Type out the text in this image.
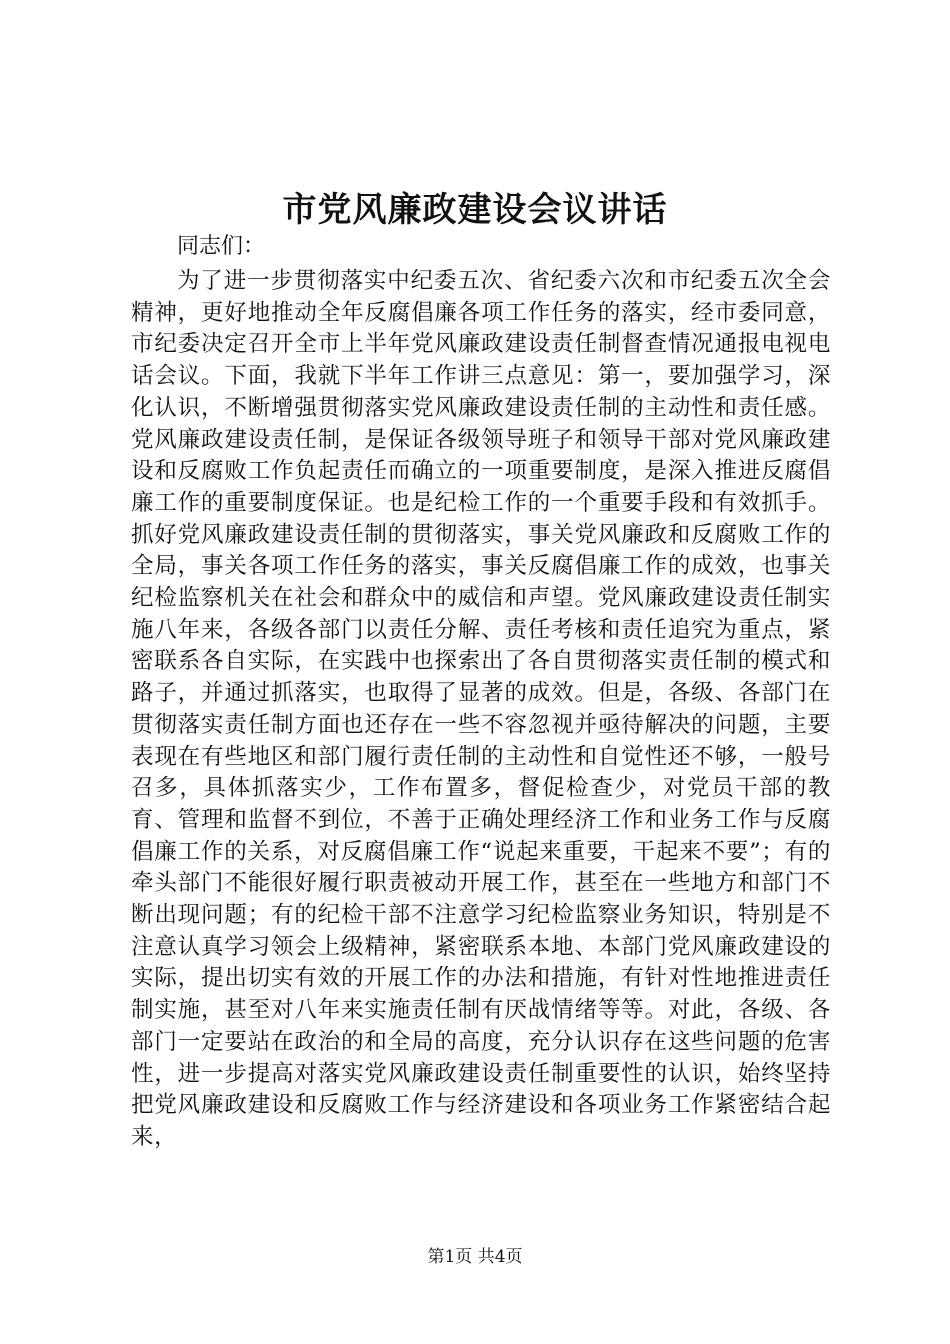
市党风廉政建设会议讲话

同志们：

为了进一步贯彻落实中纪委五次、省纪委六次和市纪委五次全会精神，更好地推动全年反腐倡廉各项工作任务的落实，经市委同意，市纪委决定召开全市上半年党风廉政建设责任制督查情况通报电视电话会议。下面，我就下半年工作讲三点意见：第一，要加强学习，深化认识，不断增强贯彻落实党风廉政建设责任制的主动性和责任感。党风廉政建设责任制，是保证各级领导班子和领导干部对党风廉政建设和反腐败工作负起责任而确立的一项重要制度，是深入推进反腐倡廉工作的重要制度保证。也是纪检工作的一个重要手段和有效抓手。抓好党风廉政建设责任制的贯彻落实，事关党风廉政和反腐败工作的全局，事关各项工作任务的落实，事关反腐倡廉工作的成效，也事关纪检监察机关在社会和群众中的威信和声望。党风廉政建设责任制实施八年来，各级各部门以责任分解、责任考核和责任追究为重点，紧密联系各自实际，在实践中也探索出了各自贯彻落实责任制的模式和路子，并通过抓落实，也取得了显著的成效。但是，各级、各部门在贯彻落实责任制方面也还存在一些不容忽视并亟待解决的问题，主要表现在有些地区和部门履行责任制的主动性和自觉性还不够，一般号召多，具体抓落实少，工作布置多，督促检查少，对党员干部的教育、管理和监督不到位，不善于正确处理经济工作和业务工作与反腐倡廉工作的关系，对反腐倡廉工作“说起来重要，干起来不要”；有的牵头部门不能很好履行职责被动开展工作，甚至在一些地方和部门不断出现问题；有的纪检干部不注意学习纪检监察业务知识，特别是不注意认真学习领会上级精神，紧密联系本地、本部门党风廉政建设的实际，提出切实有效的开展工作的办法和措施，有针对性地推进责任制实施，甚至对八年来实施责任制有厌战情绪等等。对此，各级、各部门一定要站在政治的和全局的高度，充分认识存在这些问题的危害性，进一步提高对落实党风廉政建设责任制重要性的认识，始终坚持把党风廉政建设和反腐败工作与经济建设和各项业务工作紧密结合起来，

第1页 共4页
